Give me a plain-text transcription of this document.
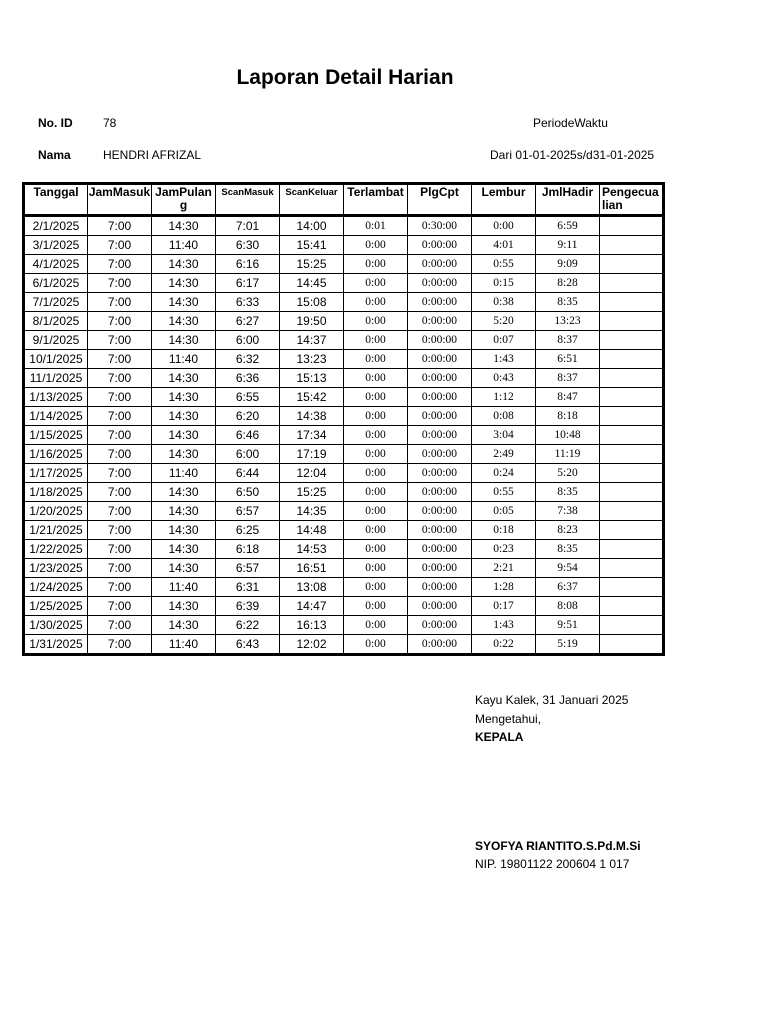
Laporan Detail Harian
No. ID	78	PeriodeWaktu
Nama	HENDRI AFRIZAL	Dari 01-01-2025s/d31-01-2025
Tanggal	JamMasuk	JamPulang	ScanMasuk	ScanKeluar	Terlambat	PlgCpt	Lembur	JmlHadir	Pengecualian
2/1/2025	7:00	14:30	7:01	14:00	0:01	0:30:00	0:00	6:59	
3/1/2025	7:00	11:40	6:30	15:41	0:00	0:00:00	4:01	9:11	
4/1/2025	7:00	14:30	6:16	15:25	0:00	0:00:00	0:55	9:09	
6/1/2025	7:00	14:30	6:17	14:45	0:00	0:00:00	0:15	8:28	
7/1/2025	7:00	14:30	6:33	15:08	0:00	0:00:00	0:38	8:35	
8/1/2025	7:00	14:30	6:27	19:50	0:00	0:00:00	5:20	13:23	
9/1/2025	7:00	14:30	6:00	14:37	0:00	0:00:00	0:07	8:37	
10/1/2025	7:00	11:40	6:32	13:23	0:00	0:00:00	1:43	6:51	
11/1/2025	7:00	14:30	6:36	15:13	0:00	0:00:00	0:43	8:37	
1/13/2025	7:00	14:30	6:55	15:42	0:00	0:00:00	1:12	8:47	
1/14/2025	7:00	14:30	6:20	14:38	0:00	0:00:00	0:08	8:18	
1/15/2025	7:00	14:30	6:46	17:34	0:00	0:00:00	3:04	10:48	
1/16/2025	7:00	14:30	6:00	17:19	0:00	0:00:00	2:49	11:19	
1/17/2025	7:00	11:40	6:44	12:04	0:00	0:00:00	0:24	5:20	
1/18/2025	7:00	14:30	6:50	15:25	0:00	0:00:00	0:55	8:35	
1/20/2025	7:00	14:30	6:57	14:35	0:00	0:00:00	0:05	7:38	
1/21/2025	7:00	14:30	6:25	14:48	0:00	0:00:00	0:18	8:23	
1/22/2025	7:00	14:30	6:18	14:53	0:00	0:00:00	0:23	8:35	
1/23/2025	7:00	14:30	6:57	16:51	0:00	0:00:00	2:21	9:54	
1/24/2025	7:00	11:40	6:31	13:08	0:00	0:00:00	1:28	6:37	
1/25/2025	7:00	14:30	6:39	14:47	0:00	0:00:00	0:17	8:08	
1/30/2025	7:00	14:30	6:22	16:13	0:00	0:00:00	1:43	9:51	
1/31/2025	7:00	11:40	6:43	12:02	0:00	0:00:00	0:22	5:19	
Kayu Kalek, 31 Januari 2025
Mengetahui,
KEPALA
SYOFYA RIANTITO.S.Pd.M.Si
NIP. 19801122 200604 1 017
